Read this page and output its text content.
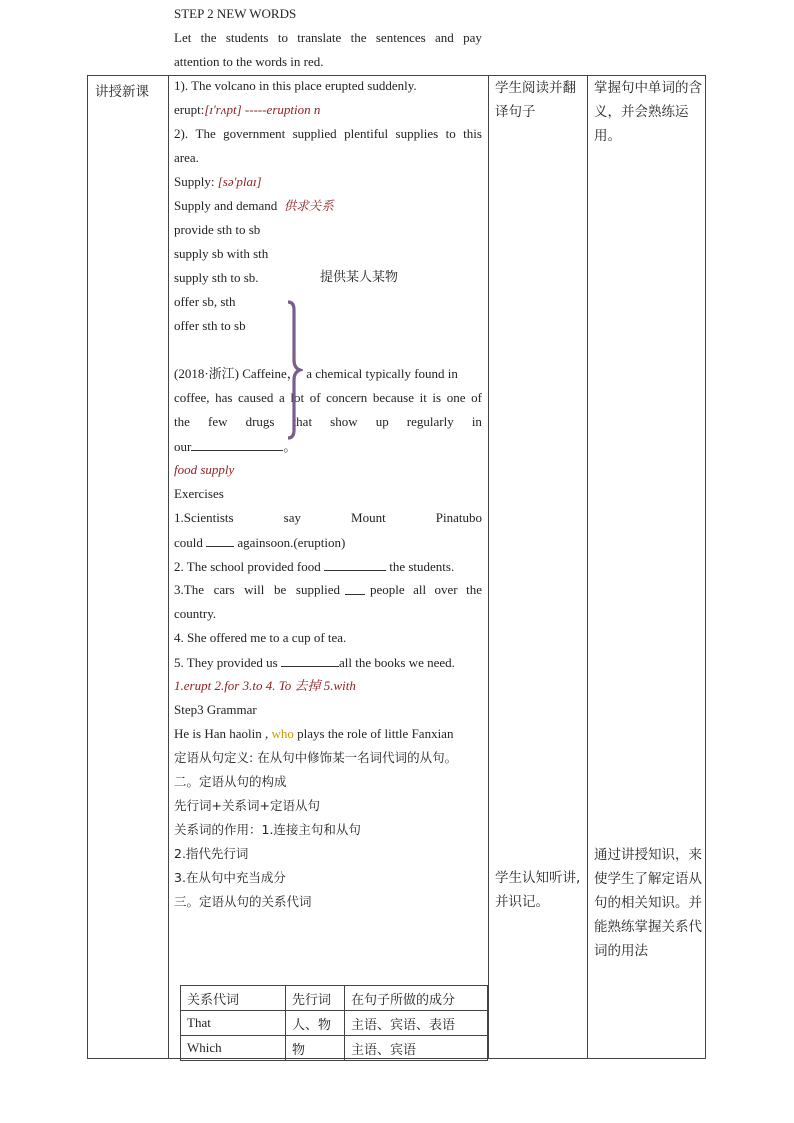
讲授新课
STEP 2 NEW WORDS
Let the students to translate the sentences and pay
attention to the words in red.
1). The volcano in this place erupted suddenly.
erupt:[ɪ'rʌpt] -----eruption n
2). The government supplied plentiful supplies to this
area.
Supply: [sə'plaɪ]
Supply and demand 供求关系
provide sth to sb
supply sb with sth
supply sth to sb.
offer sb, sth
offer sth to sb
提供某人某物
(2018·浙江) Caffeine， a chemical typically found in
coffee, has caused a lot of concern because it is one of
the few drugs that show up regularly in
our	。
food supply
Exercises
1.Scientists	say	Mount	Pinatubo
could	againsoon.(eruption)
2. The school provided food	the students.
3.The cars will be supplied people all over the
country.
4. She offered me to a cup of tea.
5. They provided us	all the books we need.
1.erupt 2.for 3.to 4. To 去掉 5.with
Step3 Grammar
He is Han haolin , who plays the role of little Fanxian
定语从句定义: 在从句中修饰某一名词代词的从句。
二。定语从句的构成
先行词+关系词+定语从句
关系词的作用：1.连接主句和从句
2.指代先行词
3.在从句中充当成分
三。定语从句的关系代词
关系代词	先行词	在句子所做的成分
That	人、物	主语、宾语、表语
Which	物	主语、宾语
学生阅读并翻译句子
学生认知听讲,并识记。
掌握句中单词的含义，并会熟练运用。
通过讲授知识，来使学生了解定语从句的相关知识。并能熟练掌握关系代词的用法
